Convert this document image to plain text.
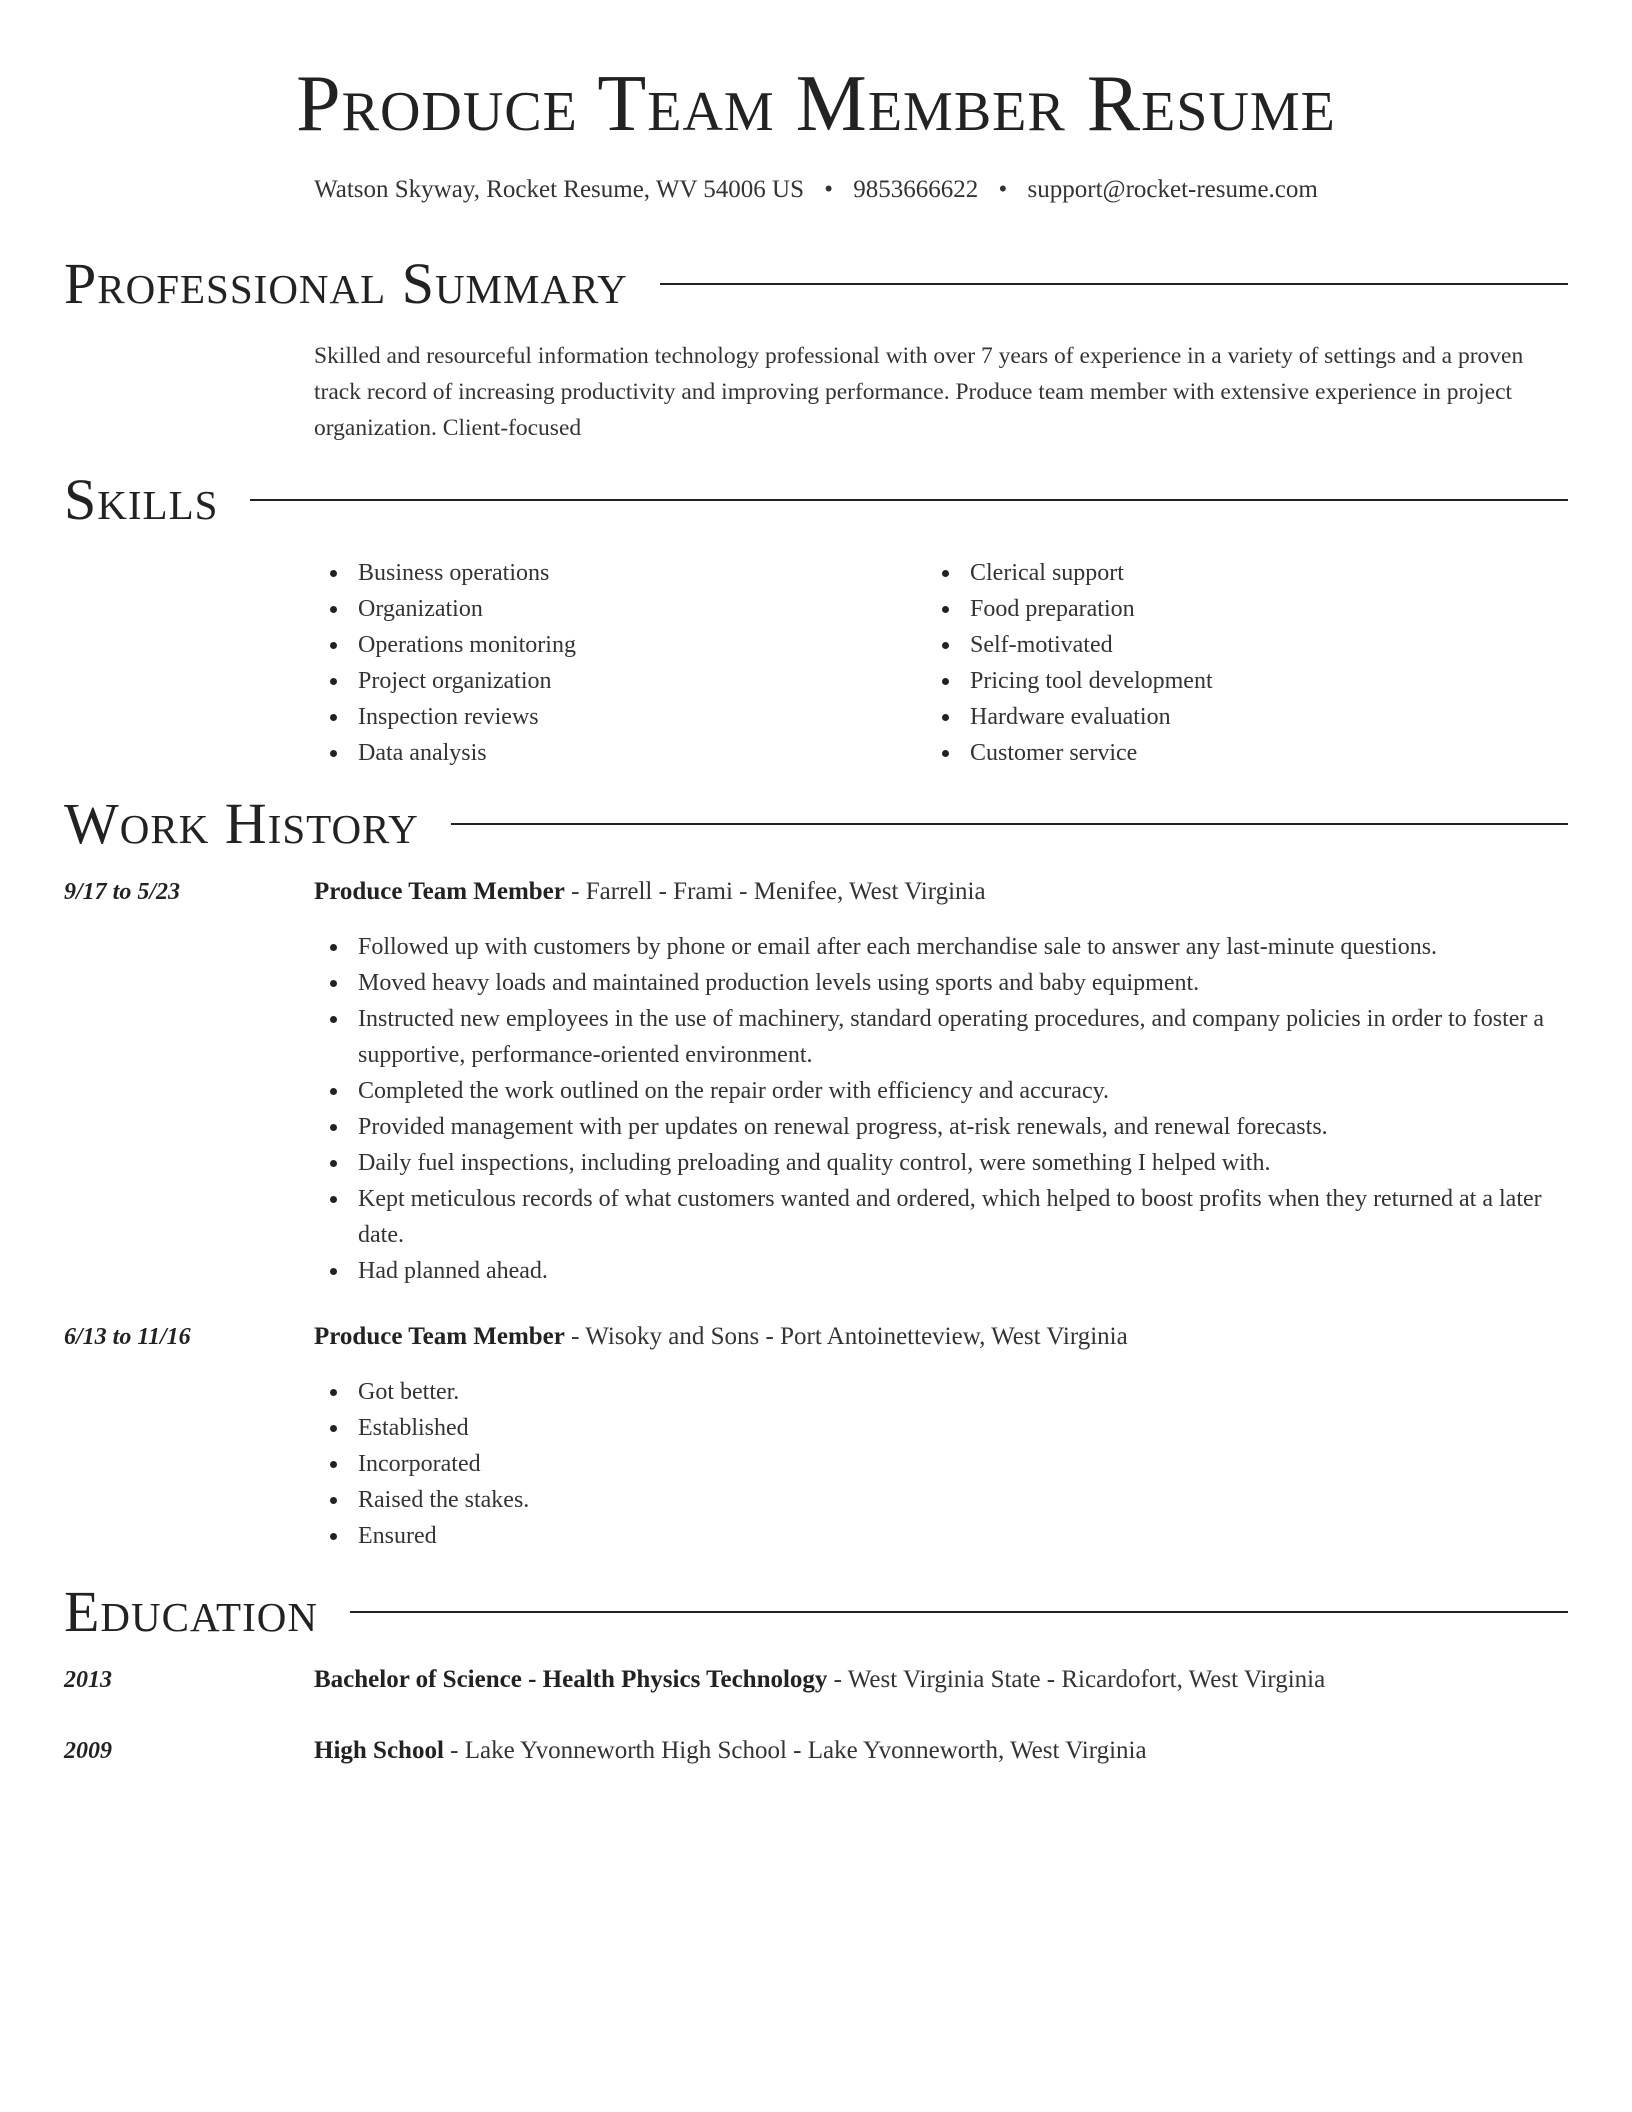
Produce Team Member Resume
Watson Skyway, Rocket Resume, WV 54006 US • 9853666622 • support@rocket-resume.com
Professional Summary

Skilled and resourceful information technology professional with over 7 years of experience in a variety of settings and a proven track record of increasing productivity and improving performance. Produce team member with extensive experience in project organization. Client-focused

Skills
Business operations
Organization
Operations monitoring
Project organization
Inspection reviews
Data analysis
Clerical support
Food preparation
Self-motivated
Pricing tool development
Hardware evaluation
Customer service
Work History
9/17 to 5/23	Produce Team Member - Farrell - Frami - Menifee, West Virginia
Followed up with customers by phone or email after each merchandise sale to answer any last-minute questions.
Moved heavy loads and maintained production levels using sports and baby equipment.
Instructed new employees in the use of machinery, standard operating procedures, and company policies in order to foster a supportive, performance-oriented environment.
Completed the work outlined on the repair order with efficiency and accuracy.
Provided management with per updates on renewal progress, at-risk renewals, and renewal forecasts.
Daily fuel inspections, including preloading and quality control, were something I helped with.
Kept meticulous records of what customers wanted and ordered, which helped to boost profits when they returned at a later date.
Had planned ahead.
6/13 to 11/16	Produce Team Member - Wisoky and Sons - Port Antoinetteview, West Virginia
Got better.
Established
Incorporated
Raised the stakes.
Ensured
Education
2013	Bachelor of Science - Health Physics Technology - West Virginia State - Ricardofort, West Virginia
2009	High School - Lake Yvonneworth High School - Lake Yvonneworth, West Virginia
